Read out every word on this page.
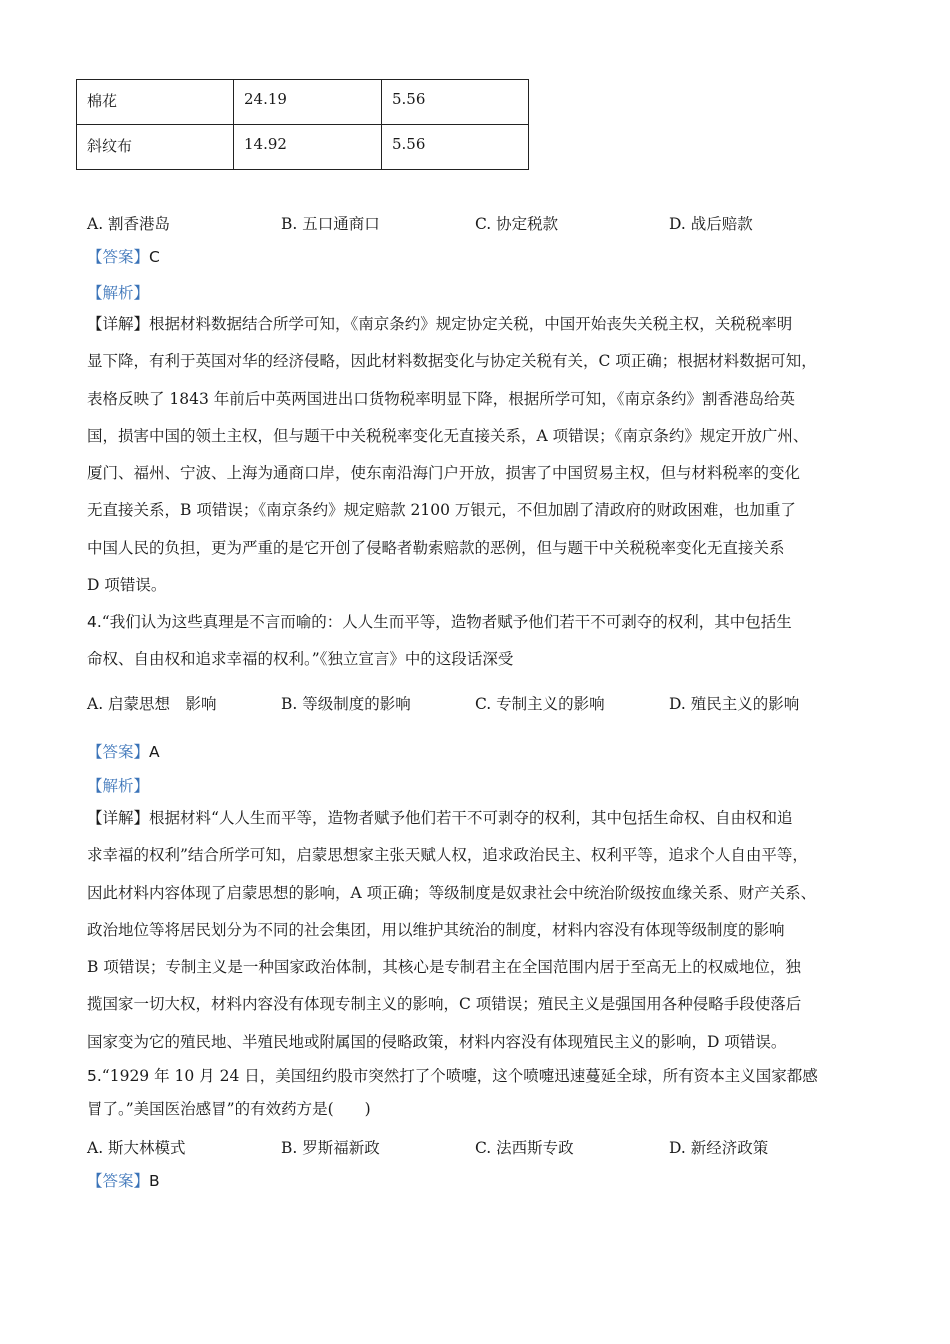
棉花	24.19	5.56
斜纹布	14.92	5.56
A. 割香港岛	B. 五口通商口	C. 协定税款	D. 战后赔款
【答案】C
【解析】

【详解】根据材料数据结合所学可知，《南京条约》规定协定关税，中国开始丧失关税主权，关税税率明

显下降，有利于英国对华的经济侵略，因此材料数据变化与协定关税有关，C 项正确；根据材料数据可知，

表格反映了 1843 年前后中英两国进出口货物税率明显下降，根据所学可知，《南京条约》割香港岛给英

国，损害中国的领土主权，但与题干中关税税率变化无直接关系，A 项错误；《南京条约》规定开放广州、

厦门、福州、宁波、上海为通商口岸，使东南沿海门户开放，损害了中国贸易主权，但与材料税率的变化

无直接关系，B 项错误；《南京条约》规定赔款 2100 万银元，不但加剧了清政府的财政困难，也加重了

中国人民的负担，更为严重的是它开创了侵略者勒索赔款的恶例，但与题干中关税税率变化无直接关系

D 项错误。

4.“我们认为这些真理是不言而喻的：人人生而平等，造物者赋予他们若干不可剥夺的权利，其中包括生

命权、自由权和追求幸福的权利。”《独立宣言》中的这段话深受

A. 启蒙思想　影响	B. 等级制度的影响	C. 专制主义的影响	D. 殖民主义的影响
【答案】A
【解析】

【详解】根据材料“人人生而平等，造物者赋予他们若干不可剥夺的权利，其中包括生命权、自由权和追

求幸福的权利”结合所学可知，启蒙思想家主张天赋人权，追求政治民主、权利平等，追求个人自由平等，

因此材料内容体现了启蒙思想的影响，A 项正确；等级制度是奴隶社会中统治阶级按血缘关系、财产关系、

政治地位等将居民划分为不同的社会集团，用以维护其统治的制度，材料内容没有体现等级制度的影响

B 项错误；专制主义是一种国家政治体制，其核心是专制君主在全国范围内居于至高无上的权威地位，独

揽国家一切大权，材料内容没有体现专制主义的影响，C 项错误；殖民主义是强国用各种侵略手段使落后

国家变为它的殖民地、半殖民地或附属国的侵略政策，材料内容没有体现殖民主义的影响，D 项错误。

5.“1929 年 10 月 24 日，美国纽约股市突然打了个喷嚏，这个喷嚏迅速蔓延全球，所有资本主义国家都感

冒了。”美国医治感冒”的有效药方是(　　)

A. 斯大林模式	B. 罗斯福新政	C. 法西斯专政	D. 新经济政策
【答案】B
